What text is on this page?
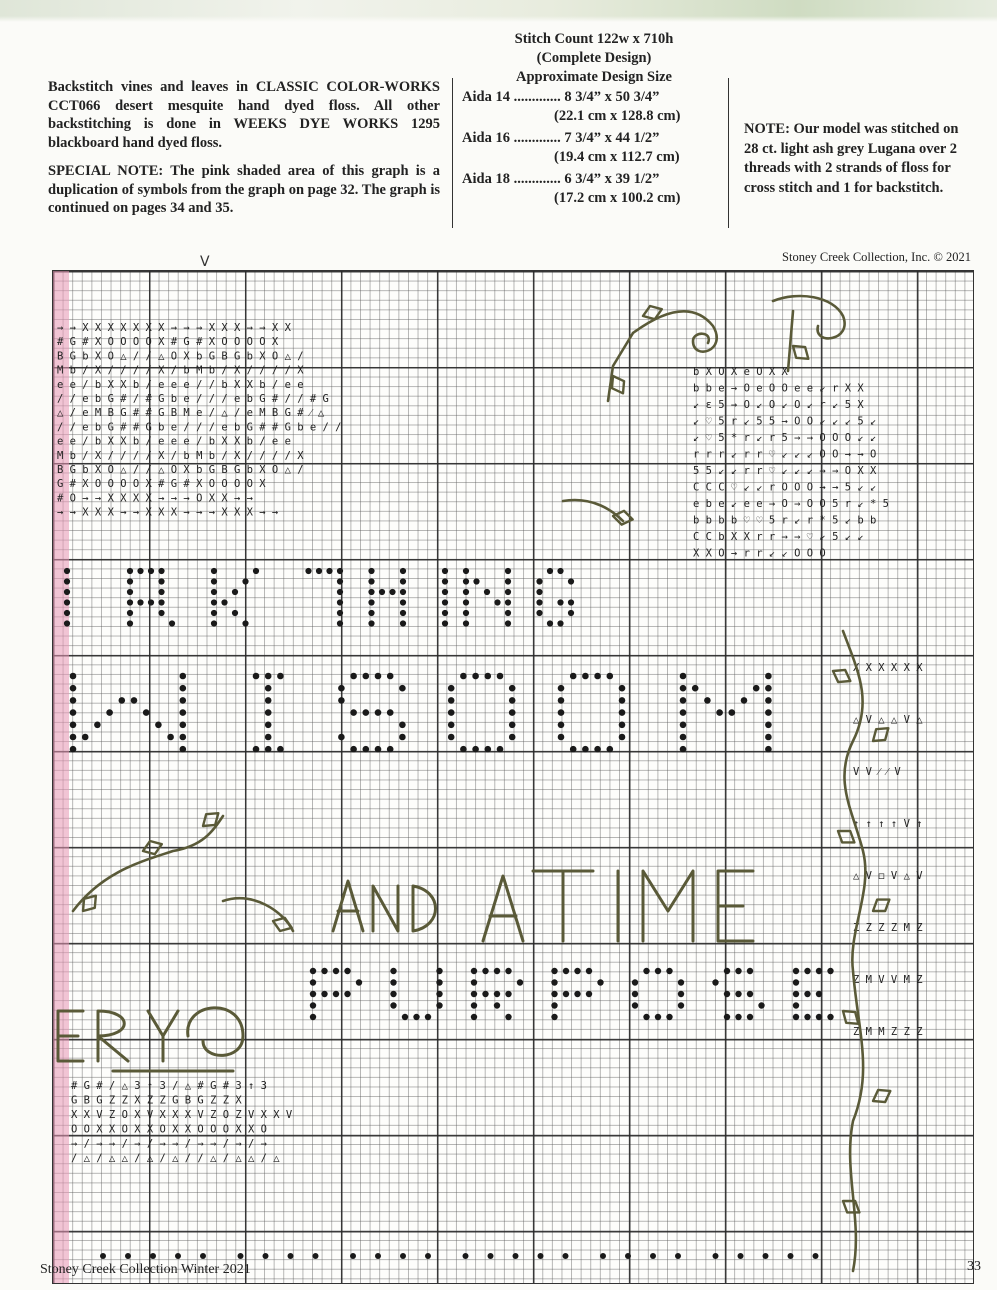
Backstitch vines and leaves in CLASSIC COLOR-WORKS CCT066 desert mesquite hand dyed floss. All other backstitching is done in WEEKS DYE WORKS 1295 blackboard hand dyed floss.

SPECIAL NOTE: The pink shaded area of this graph is a duplication of symbols from the graph on page 32. The graph is continued on pages 34 and 35.

Stitch Count 122w x 710h
(Complete Design)
Approximate Design Size
Aida 14 ............. 8 3/4” x 50 3/4”
(22.1 cm x 128.8 cm)
Aida 16 ............. 7 3/4” x 44 1/2”
(19.4 cm x 112.7 cm)
Aida 18 ............. 6 3/4” x 39 1/2”
(17.2 cm x 100.2 cm)
NOTE: Our model was stitched on 28 ct. light ash grey Lugana over 2 threads with 2 strands of floss for cross stitch and 1 for backstitch.
V	Stoney Creek Collection, Inc. © 2021
→ → X X X X X X X → → → X X X → → X X
# G # X O O O O X # G # X O O O O X
B G b X O △ / / △ O X b G B G b X O △ /
M b / X / / / / X / b M b / X / / / / X
e e / b X X b / e e e / / b X X b / e e
/ / e b G # / # G b e / / / e b G # / / # G
△ / e M B G # # G B M e / △ / e M B G # ⁄ △
/ / e b G # # G b e / / / e b G # # G b e / /
e e / b X X b / e e e / b X X b / e e
M b / X / / / / X / b M b / X / / / / X
B G b X O △ / / △ O X b G B G b X O △ /
G # X O O O O X # G # X O O O O X
# O → → X X X X → → → O X X → →
→ → X X X → → X X X → → → X X X → →
b X O X e O X X
b b e → O e O O e e ↙ r X X
↙ ε 5 → O ↙ O ↙ O ↙ r ↙ 5 X
↙ ♡ 5 r ↙ 5 5 → O O ↙ ↙ ↙ 5 ↙
↙ ♡ 5 * r ↙ r 5 → → O O O ↙ ↙
r r r ↙ r r ♡ ↙ ↙ ↙ O O → → O
5 5 ↙ ↙ r r ♡ ↙ ↙ ↙ → → O X X
C C C ♡ ↙ ↙ r O O O → → 5 ↙ ↙
e b e ↙ e e → O → O O 5 r ↙ * 5
b b b b ♡ ♡ 5 r ↙ r * 5 ↙ b b
C C b X X r r → → ♡ ↙ 5 ↙ ↙
X X O → r r ↙ ↙ O O O
# G # / △ 3 ↑ 3 / △ # G # 3 ↑ 3
G B G Z Z X Z Z G B G Z Z X
X X V Z O X V X X X V Z O Z V X X V
O O X X O X X O X X O O O X X O
→ / → → / → / → → / → → / → / →
/ △ / △ △ / △ / △ / / △ / △ △ / △
X X X X X X
△ V △ △ V △
V V ⁄ ⁄ V
↑ ↑ ↑ ↑ V ↑
△ V ◻ V △ V
Z Z Z Z M Z
Z M V V M Z
Z M M Z Z Z
Stoney Creek Collection Winter 2021	33
